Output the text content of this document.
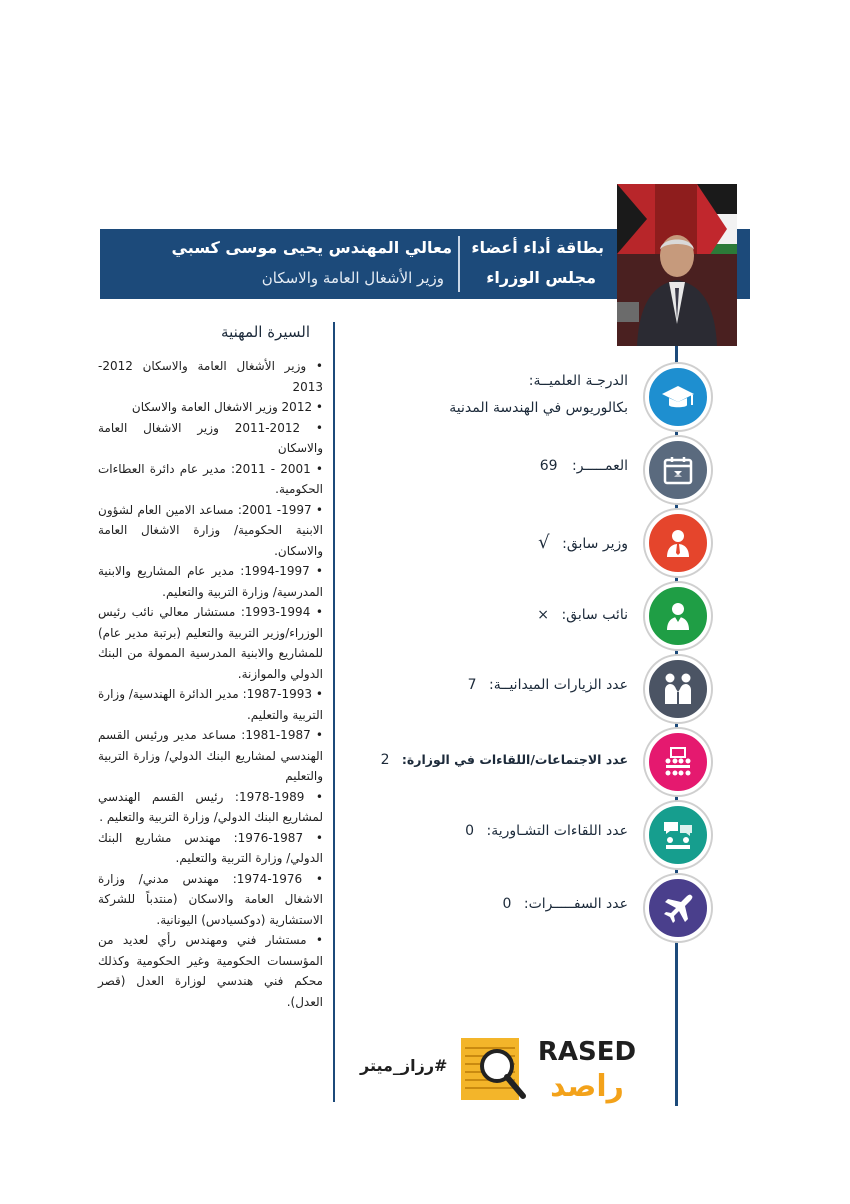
بطاقة أداء أعضاء
مجلس الوزراء
معالي المهندس يحيى موسى كسبي
وزير الأشغال العامة والاسكان
الدرجـة العلميــة:
بكالوريوس في الهندسة المدنية
العمـــــر: 69
وزير سابق: √
نائب سابق: ×
عدد الزيارات الميدانيــة: 7
عدد الاجتماعات/اللقاءات في الوزارة: 2
عدد اللقاءات التشـاورية: 0
عدد السفـــــرات: 0
السيرة المهنية
• وزير الأشغال العامة والاسكان 2012-2013
• 2012 وزير الاشغال العامة والاسكان
• 2011-2012 وزير الاشغال العامة والاسكان
• 2001 - 2011: مدير عام دائرة العطاءات الحكومية.
• 1997- 2001: مساعد الامين العام لشؤون الابنية الحكومية/ وزارة الاشغال العامة والاسكان.
• 1994-1997: مدير عام المشاريع والابنية المدرسية/ وزارة التربية والتعليم.
• 1993-1994: مستشار معالي نائب رئيس الوزراء/وزير التربية والتعليم (برتبة مدير عام) للمشاريع والابنية المدرسية الممولة من البنك الدولي والموازنة.
• 1987-1993: مدير الدائرة الهندسية/ وزارة التربية والتعليم.
• 1981-1987: مساعد مدير ورئيس القسم الهندسي لمشاريع البنك الدولي/ وزارة التربية والتعليم
• 1978-1989: رئيس القسم الهندسي لمشاريع البنك الدولي/ وزارة التربية والتعليم .
• 1976-1987: مهندس مشاريع البنك الدولي/ وزارة التربية والتعليم.
• 1974-1976: مهندس مدني/ وزارة الاشغال العامة والاسكان (منتدباً للشركة الاستشارية (دوكسيادس) اليونانية.
• مستشار فني ومهندس رأي لعديد من المؤسسات الحكومية وغير الحكومية وكذلك محكم فني هندسي لوزارة العدل (قصر العدل).
#رزاز_ميتر	RASED
راصد
